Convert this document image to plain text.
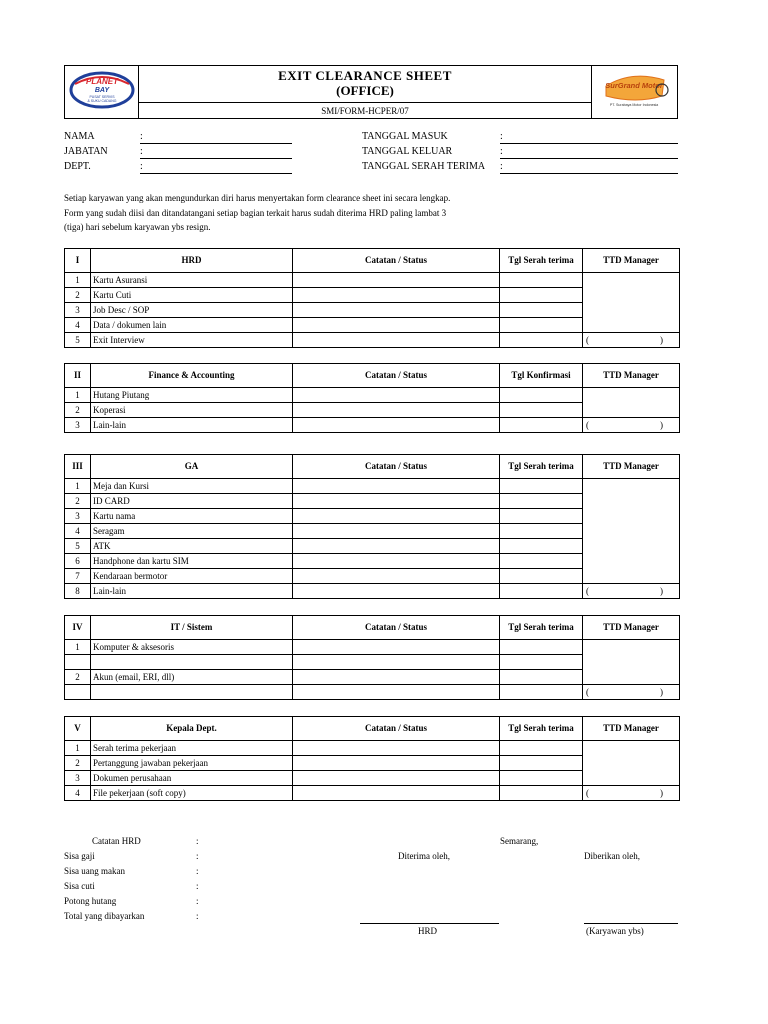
PLANET
BAY
PUSAT SERVIS
& SUKU CADANG
EXIT CLEARANCE SHEET
(OFFICE)
SMI/FORM-HCPER/07
SurGrand Motor
PT. Surabaya Motor Indonesia
NAMA	:
JABATAN	:
DEPT.	:
TANGGAL MASUK	:
TANGGAL KELUAR	:
TANGGAL SERAH TERIMA :
Setiap karyawan yang akan mengundurkan diri harus menyertakan form clearance sheet ini secara lengkap.
Form yang sudah diisi dan ditandatangani setiap bagian terkait harus sudah diterima HRD paling lambat 3
(tiga) hari sebelum karyawan ybs resign.
I	HRD	Catatan / Status	Tgl Serah terima	TTD Manager
1	Kartu Asuransi			
2	Kartu Cuti			
3	Job Desc / SOP			
4	Data / dokumen lain			
5	Exit Interview			( )
II	Finance & Accounting	Catatan / Status	Tgl Konfirmasi	TTD Manager
1	Hutang Piutang			
2	Koperasi			
3	Lain-lain			( )
III	GA	Catatan / Status	Tgl Serah terima	TTD Manager
1	Meja dan Kursi			
2	ID CARD			
3	Kartu nama			
4	Seragam			
5	ATK			
6	Handphone dan kartu SIM			
7	Kendaraan bermotor			
8	Lain-lain			( )
IV	IT / Sistem	Catatan / Status	Tgl Serah terima	TTD Manager
1	Komputer & aksesoris			

2	Akun (email, ERI, dll)			

				( )
V	Kepala Dept.	Catatan / Status	Tgl Serah terima	TTD Manager
1	Serah terima pekerjaan			
2	Pertanggung jawaban pekerjaan			
3	Dokumen perusahaan			
4	File pekerjaan (soft copy)			( )
Catatan HRD	:
Sisa gaji	:
Sisa uang makan	:
Sisa cuti	:
Potong hutang	:
Total yang dibayarkan	:
Semarang,
Diterima oleh,	Diberikan oleh,
HRD	(Karyawan ybs)
